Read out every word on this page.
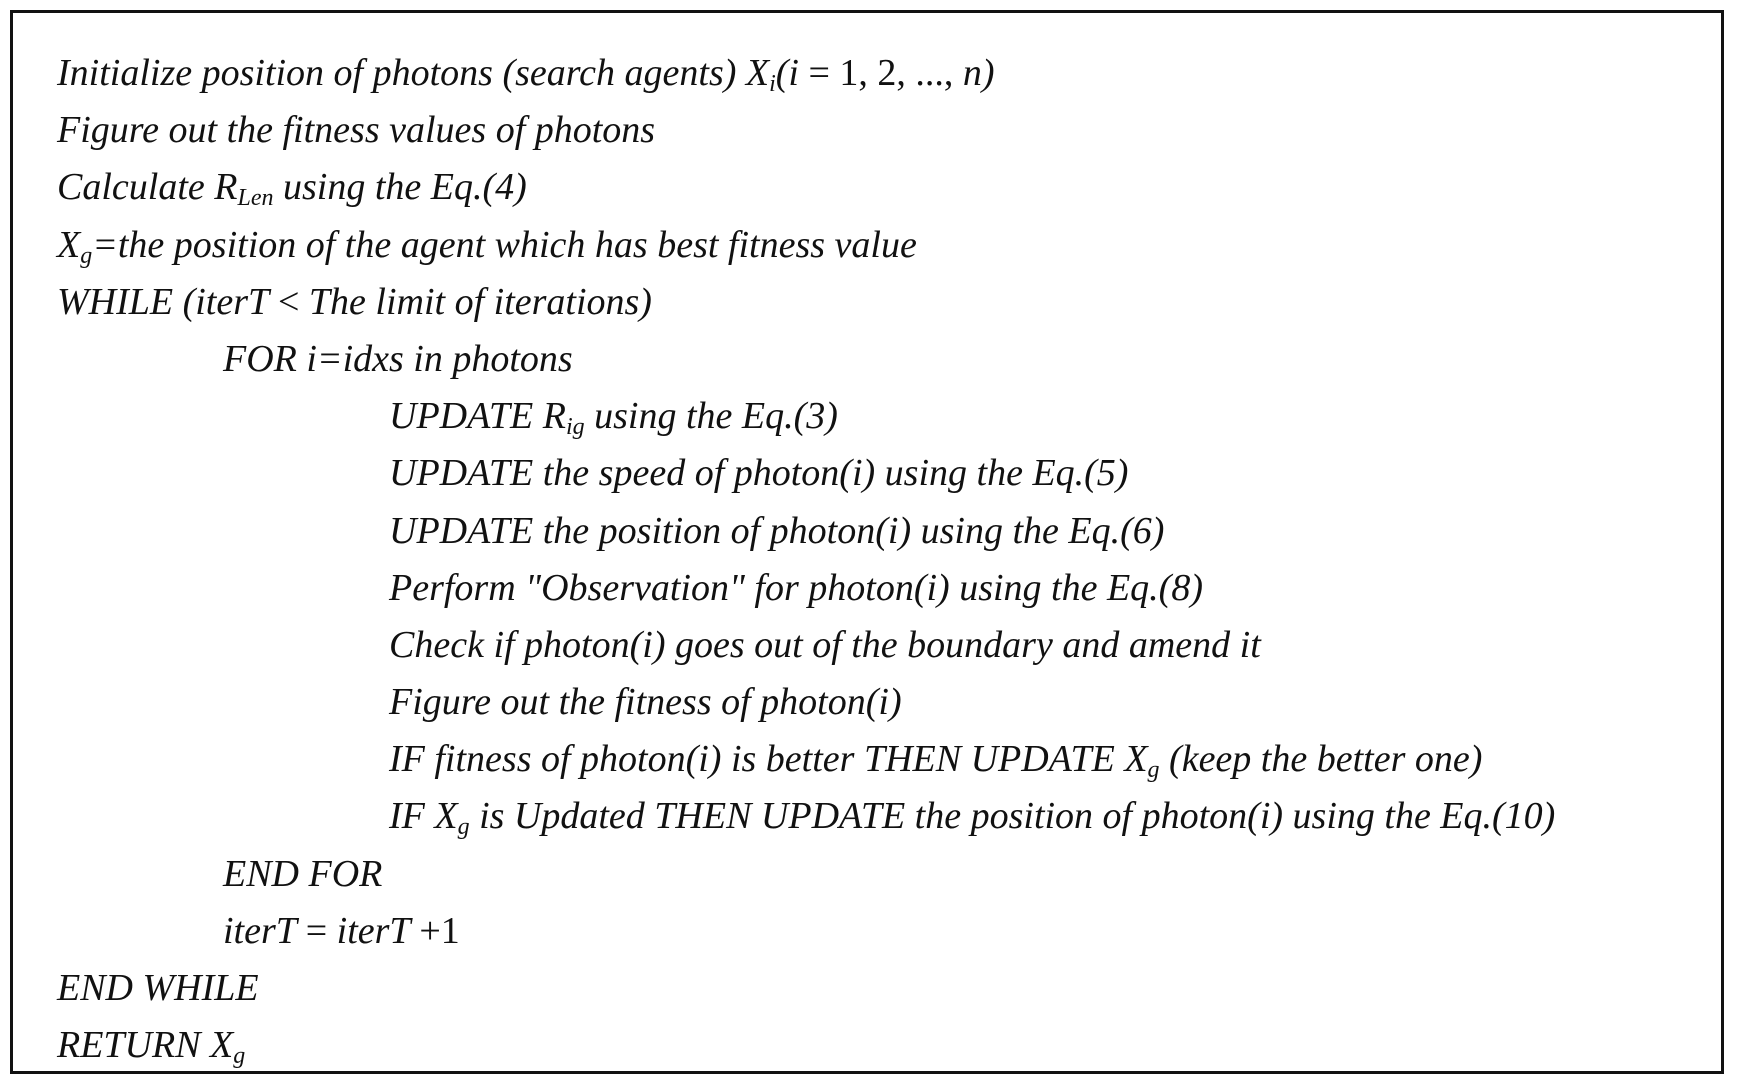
Initialize position of photons (search agents) $X_i(i = 1$, 2, ..., n)
Figure out the fitness values of photons
Calculate $R_{Len}$ using the Eq.(4)
$X_g=the$ position of the agent which has best fitness value
WHILE (iterT < The limit of iterations)
FOR i=idxs in photons
UPDATE $R_{ig}$ using the Eq.(3)
UPDATE the speed of photon(i) using the Eq.(5)
UPDATE the position of photon(i) using the Eq.(6)
Perform "Observation" for photon(i) using the Eq.(8)
Check if photon(i) goes out of the boundary and amend it
Figure out the fitness of photon(i)
IF fitness of photon(i) is better THEN UPDATE $X_g$ (keep the better one)
IF $X_g$ is Updated THEN UPDATE the position of photon(i) using the Eq.(10)
END FOR
iterT = iterT +1
END WHILE
RETURN $X_g$
